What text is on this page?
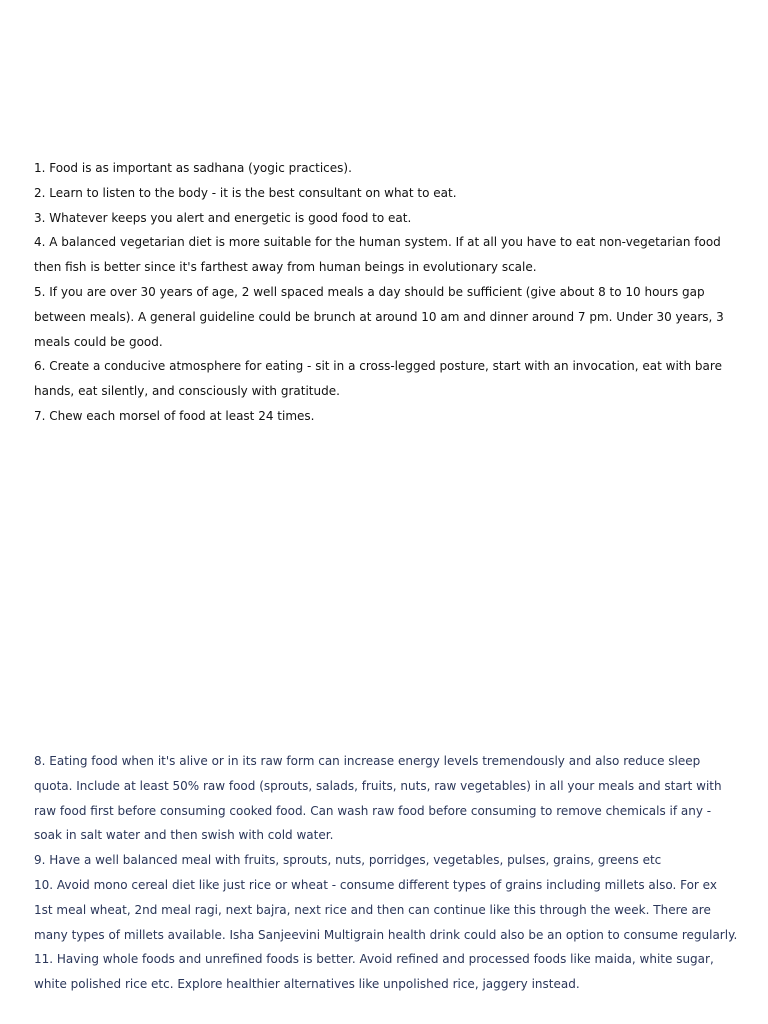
1. Food is as important as sadhana (yogic practices).

2. Learn to listen to the body - it is the best consultant on what to eat.

3. Whatever keeps you alert and energetic is good food to eat.

4. A balanced vegetarian diet is more suitable for the human system. If at all you have to eat non-vegetarian food then fish is better since it's farthest away from human beings in evolutionary scale.

5. If you are over 30 years of age, 2 well spaced meals a day should be sufficient (give about 8 to 10 hours gap between meals). A general guideline could be brunch at around 10 am and dinner around 7 pm. Under 30 years, 3 meals could be good.

6. Create a conducive atmosphere for eating - sit in a cross-legged posture, start with an invocation, eat with bare hands, eat silently, and consciously with gratitude.

7. Chew each morsel of food at least 24 times.

8. Eating food when it's alive or in its raw form can increase energy levels tremendously and also reduce sleep quota. Include at least 50% raw food (sprouts, salads, fruits, nuts, raw vegetables) in all your meals and start with raw food first before consuming cooked food. Can wash raw food before consuming to remove chemicals if any - soak in salt water and then swish with cold water.

9. Have a well balanced meal with fruits, sprouts, nuts, porridges, vegetables, pulses, grains, greens etc

10. Avoid mono cereal diet like just rice or wheat - consume different types of grains including millets also. For ex 1st meal wheat, 2nd meal ragi, next bajra, next rice and then can continue like this through the week. There are many types of millets available. Isha Sanjeevini Multigrain health drink could also be an option to consume regularly.

11. Having whole foods and unrefined foods is better. Avoid refined and processed foods like maida, white sugar, white polished rice etc. Explore healthier alternatives like unpolished rice, jaggery instead.
